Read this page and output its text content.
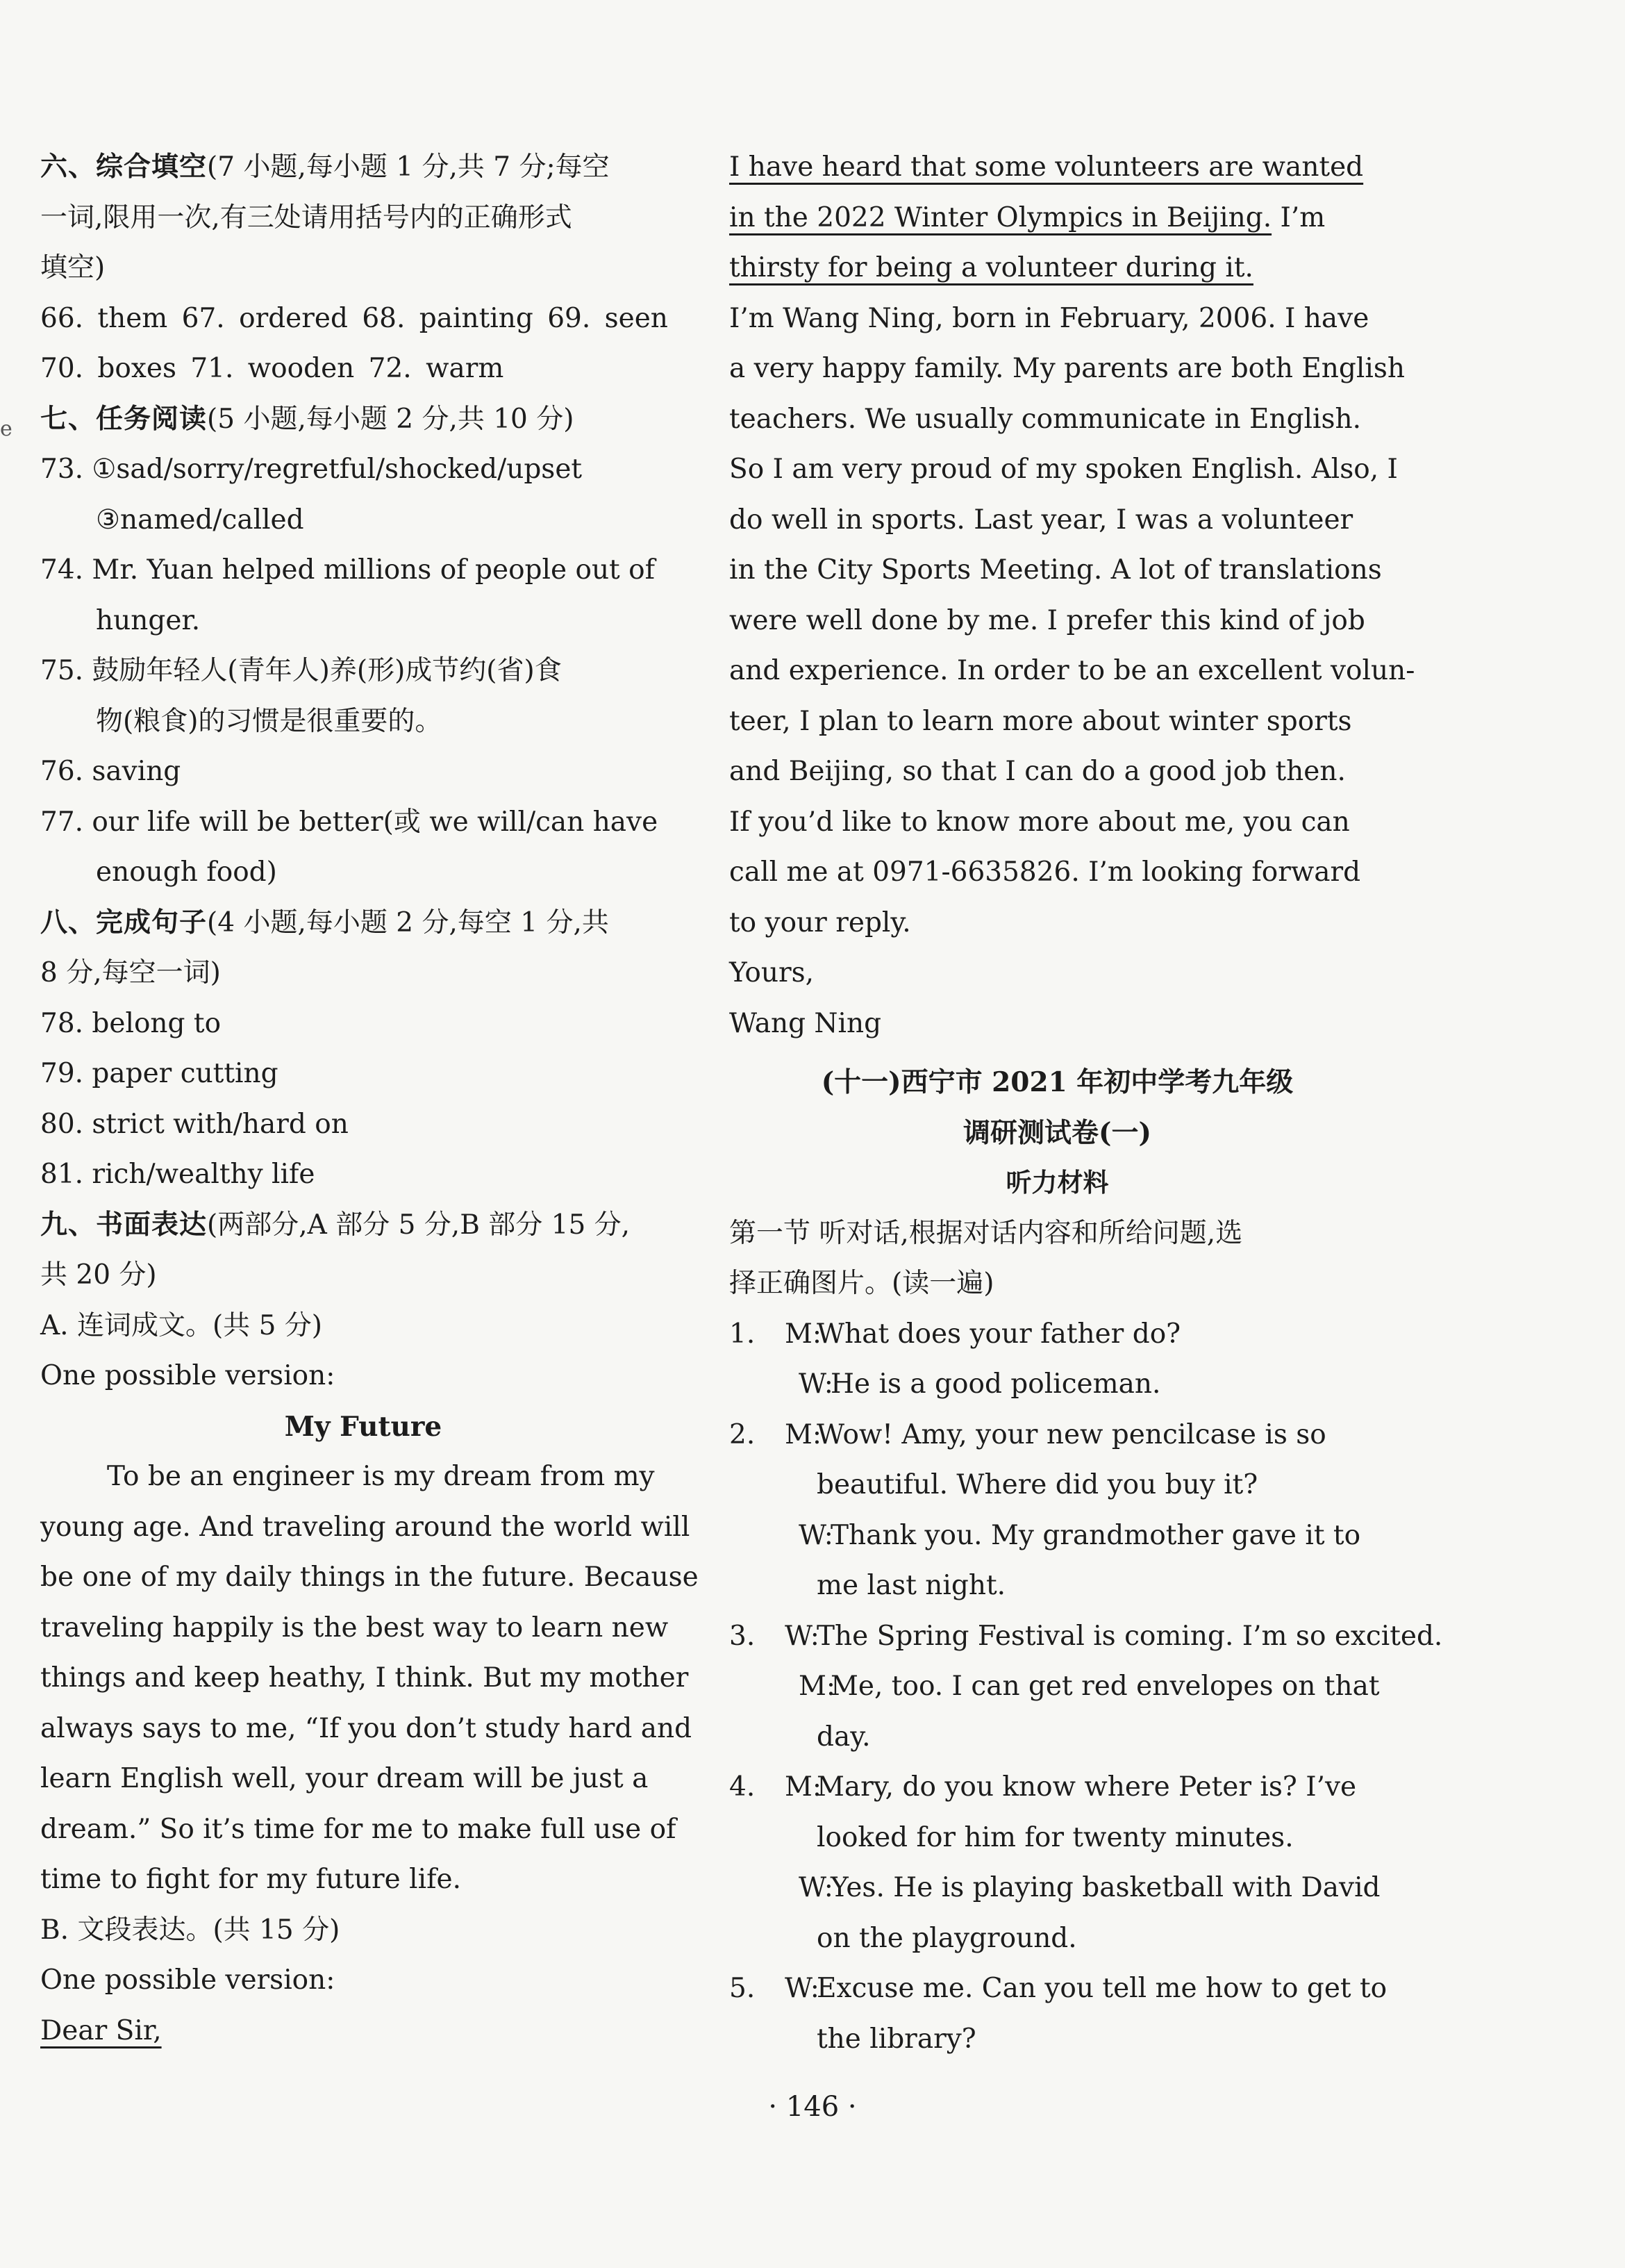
六、综合填空(7 小题,每小题 1 分,共 7 分;每空

一词,限用一次,有三处请用括号内的正确形式

填空)

66. them 67. ordered 68. painting 69. seen

70. boxes 71. wooden 72. warm

七、任务阅读(5 小题,每小题 2 分,共 10 分)

73. ①sad/sorry/regretful/shocked/upset

③named/called

74. Mr. Yuan helped millions of people out of

hunger.

75. 鼓励年轻人(青年人)养(形)成节约(省)食

物(粮食)的习惯是很重要的。

76. saving

77. our life will be better(或 we will/can have

enough food)

八、完成句子(4 小题,每小题 2 分,每空 1 分,共

8 分,每空一词)

78. belong to

79. paper cutting

80. strict with/hard on

81. rich/wealthy life

九、书面表达(两部分,A 部分 5 分,B 部分 15 分,

共 20 分)

A. 连词成文。(共 5 分)

One possible version:

My Future

To be an engineer is my dream from my

young age. And traveling around the world will

be one of my daily things in the future. Because

traveling happily is the best way to learn new

things and keep heathy, I think. But my mother

always says to me, “If you don’t study hard and

learn English well, your dream will be just a

dream.” So it’s time for me to make full use of

time to fight for my future life.

B. 文段表达。(共 15 分)

One possible version:

Dear Sir,

I have heard that some volunteers are wanted

in the 2022 Winter Olympics in Beijing. I’m

thirsty for being a volunteer during it.

I’m Wang Ning, born in February, 2006. I have

a very happy family. My parents are both English

teachers. We usually communicate in English.

So I am very proud of my spoken English. Also, I

do well in sports. Last year, I was a volunteer

in the City Sports Meeting. A lot of translations

were well done by me. I prefer this kind of job

and experience. In order to be an excellent volun-

teer, I plan to learn more about winter sports

and Beijing, so that I can do a good job then.

If you’d like to know more about me, you can

call me at 0971-6635826. I’m looking forward

to your reply.

Yours,

Wang Ning

(十一)西宁市 2021 年初中学考九年级

调研测试卷(一)

听力材料

第一节 听对话,根据对话内容和所给问题,选

择正确图片。(读一遍)

1. M:What does your father do?

W:He is a good policeman.

2. M:Wow! Amy, your new pencilcase is so

beautiful. Where did you buy it?

W:Thank you. My grandmother gave it to

me last night.

3. W:The Spring Festival is coming. I’m so excited.

M:Me, too. I can get red envelopes on that

day.

4. M:Mary, do you know where Peter is? I’ve

looked for him for twenty minutes.

W:Yes. He is playing basketball with David

on the playground.

5. W:Excuse me. Can you tell me how to get to

the library?

e
· 146 ·
